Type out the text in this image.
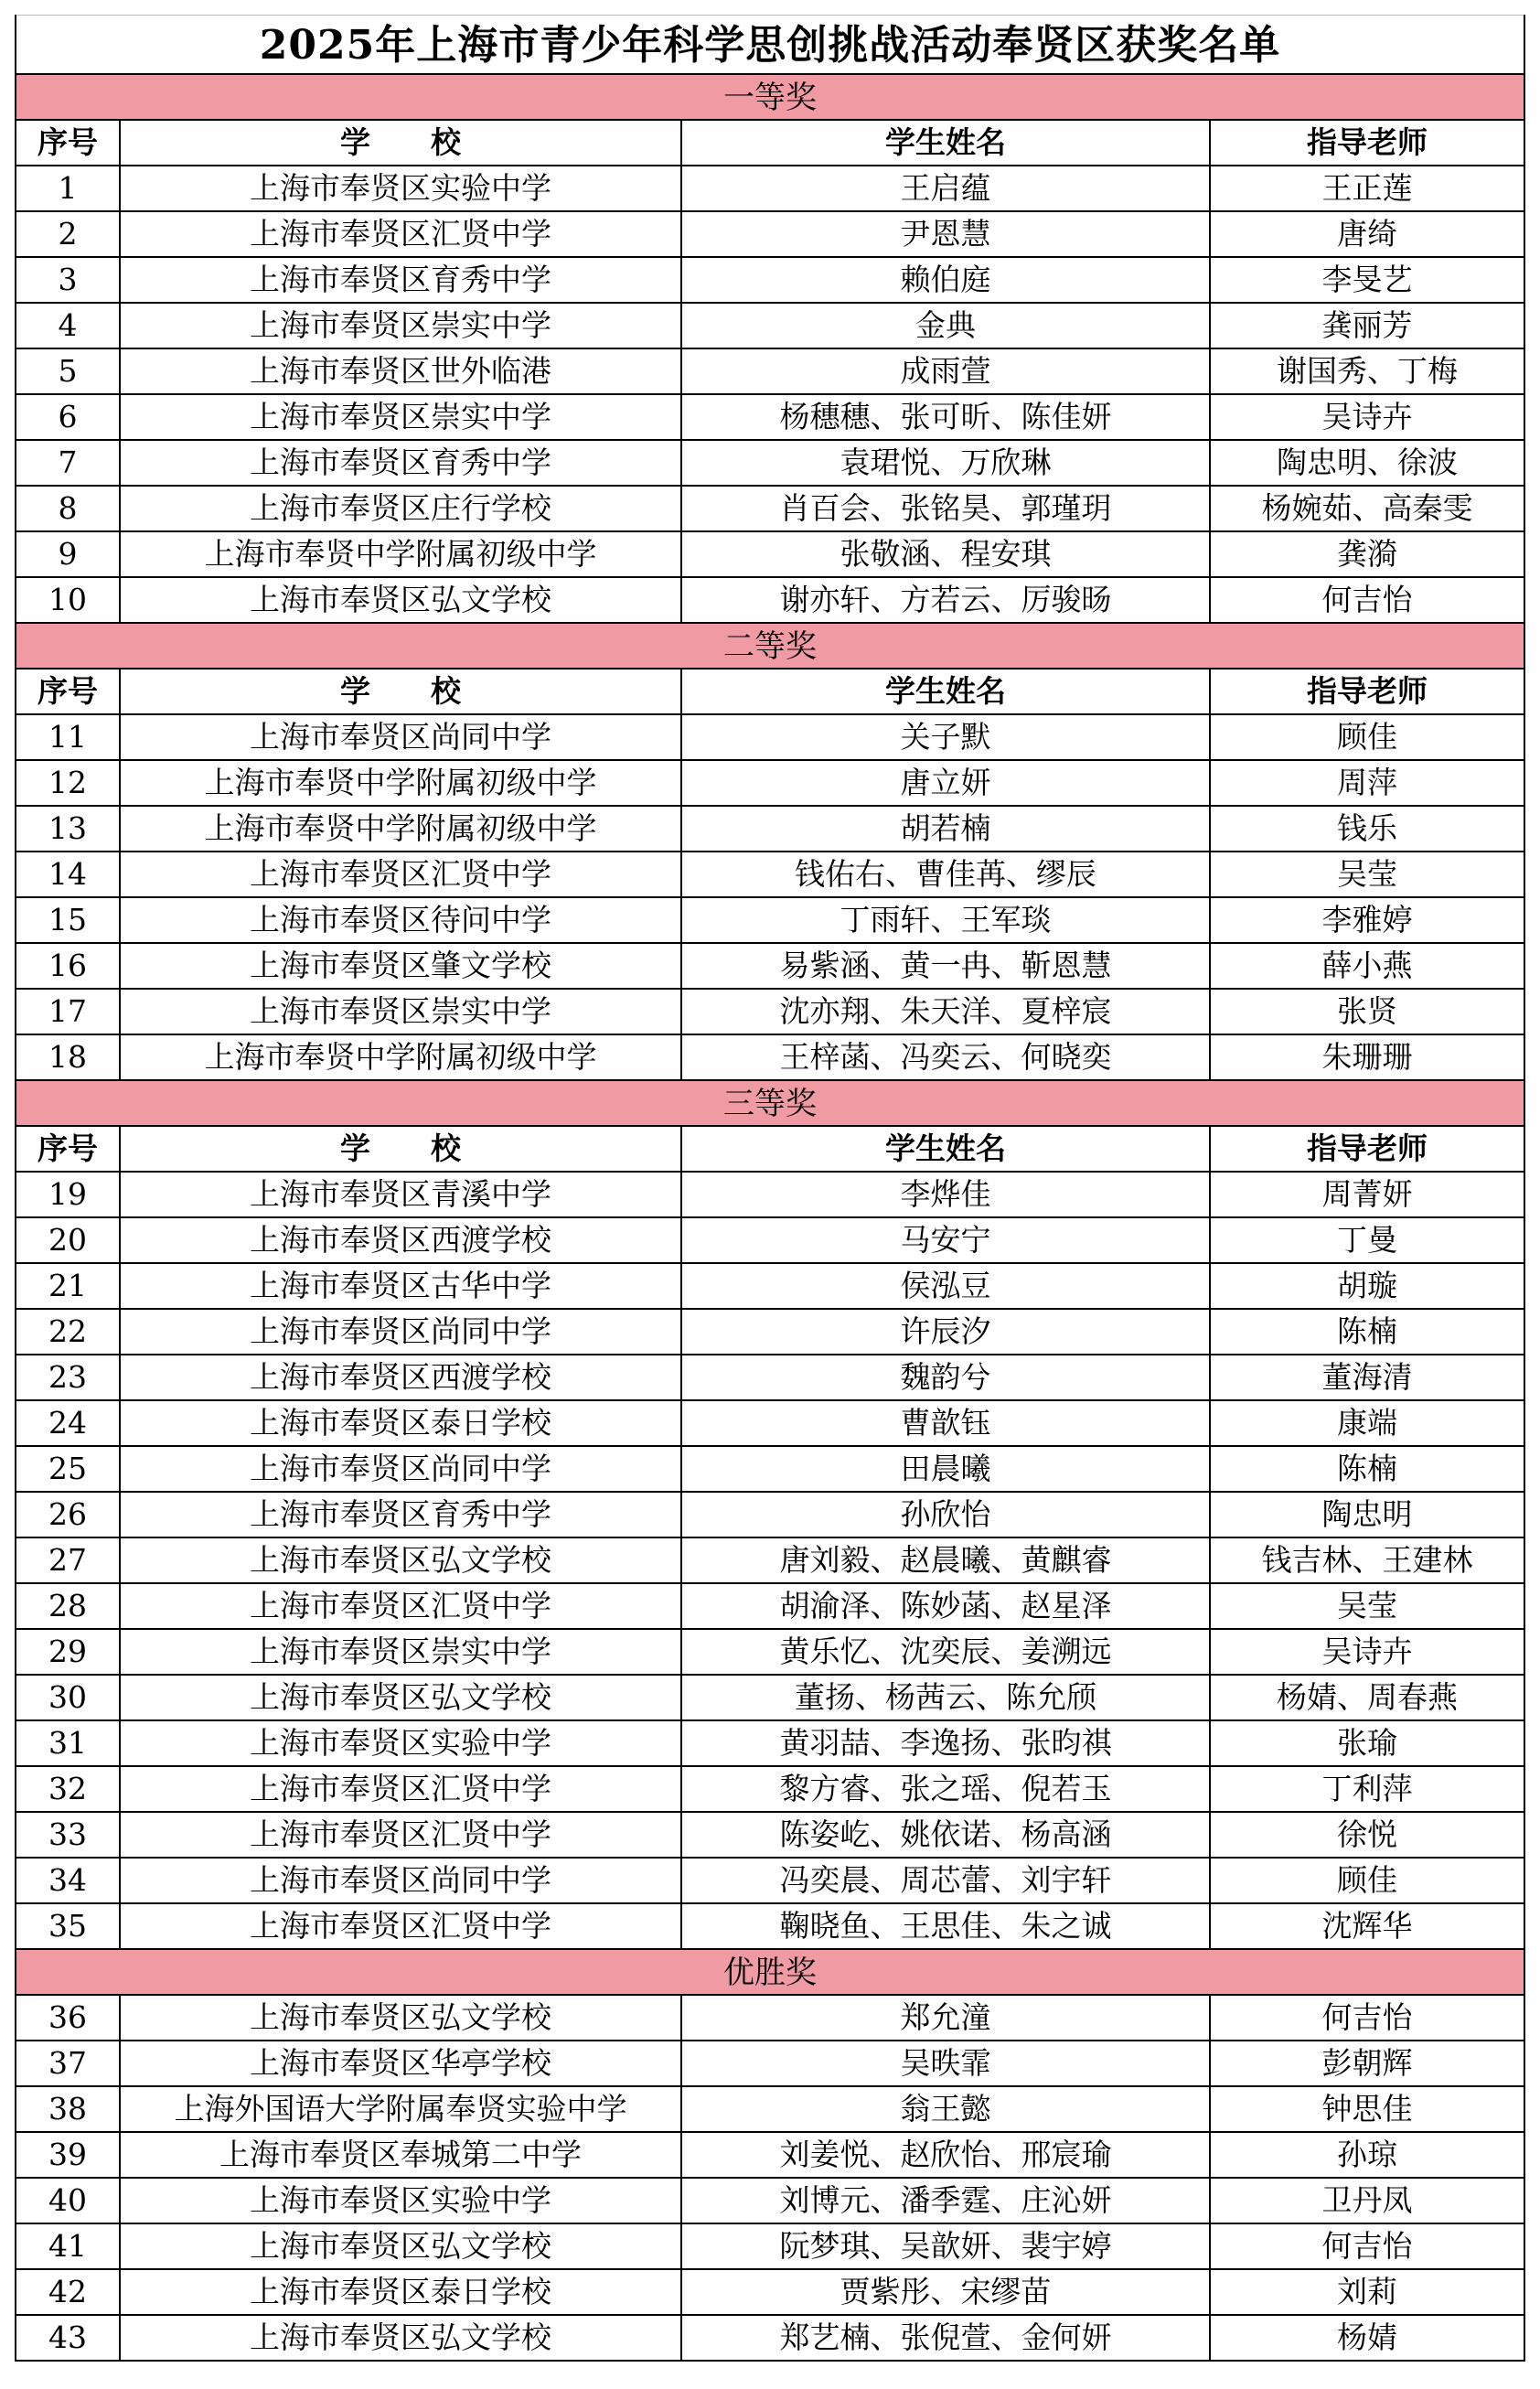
2025年上海市青少年科学思创挑战活动奉贤区获奖名单
一等奖
序号	学　　校	学生姓名	指导老师
1	上海市奉贤区实验中学	王启蕴	王正莲
2	上海市奉贤区汇贤中学	尹恩慧	唐绮
3	上海市奉贤区育秀中学	赖伯庭	李旻艺
4	上海市奉贤区崇实中学	金典	龚丽芳
5	上海市奉贤区世外临港	成雨萱	谢国秀、丁梅
6	上海市奉贤区崇实中学	杨穗穗、张可昕、陈佳妍	吴诗卉
7	上海市奉贤区育秀中学	袁珺悦、万欣琳	陶忠明、徐波
8	上海市奉贤区庄行学校	肖百会、张铭昊、郭瑾玥	杨婉茹、高秦雯
9	上海市奉贤中学附属初级中学	张敬涵、程安琪	龚漪
10	上海市奉贤区弘文学校	谢亦轩、方若云、厉骏旸	何吉怡
二等奖
序号	学　　校	学生姓名	指导老师
11	上海市奉贤区尚同中学	关子默	顾佳
12	上海市奉贤中学附属初级中学	唐立妍	周萍
13	上海市奉贤中学附属初级中学	胡若楠	钱乐
14	上海市奉贤区汇贤中学	钱佑右、曹佳苒、缪辰	吴莹
15	上海市奉贤区待问中学	丁雨轩、王军琰	李雅婷
16	上海市奉贤区肇文学校	易紫涵、黄一冉、靳恩慧	薛小燕
17	上海市奉贤区崇实中学	沈亦翔、朱天洋、夏梓宸	张贤
18	上海市奉贤中学附属初级中学	王梓菡、冯奕云、何晓奕	朱珊珊
三等奖
序号	学　　校	学生姓名	指导老师
19	上海市奉贤区青溪中学	李烨佳	周菁妍
20	上海市奉贤区西渡学校	马安宁	丁曼
21	上海市奉贤区古华中学	侯泓豆	胡璇
22	上海市奉贤区尚同中学	许辰汐	陈楠
23	上海市奉贤区西渡学校	魏韵兮	董海清
24	上海市奉贤区泰日学校	曹歆钰	康端
25	上海市奉贤区尚同中学	田晨曦	陈楠
26	上海市奉贤区育秀中学	孙欣怡	陶忠明
27	上海市奉贤区弘文学校	唐刘毅、赵晨曦、黄麒睿	钱吉林、王建林
28	上海市奉贤区汇贤中学	胡渝泽、陈妙菡、赵星泽	吴莹
29	上海市奉贤区崇实中学	黄乐忆、沈奕辰、姜溯远	吴诗卉
30	上海市奉贤区弘文学校	董扬、杨茜云、陈允颀	杨婧、周春燕
31	上海市奉贤区实验中学	黄羽喆、李逸扬、张昀祺	张瑜
32	上海市奉贤区汇贤中学	黎方睿、张之瑶、倪若玉	丁利萍
33	上海市奉贤区汇贤中学	陈姿屹、姚依诺、杨高涵	徐悦
34	上海市奉贤区尚同中学	冯奕晨、周芯蕾、刘宇轩	顾佳
35	上海市奉贤区汇贤中学	鞠晓鱼、王思佳、朱之诚	沈辉华
优胜奖
36	上海市奉贤区弘文学校	郑允潼	何吉怡
37	上海市奉贤区华亭学校	吴昳霏	彭朝辉
38	上海外国语大学附属奉贤实验中学	翁王懿	钟思佳
39	上海市奉贤区奉城第二中学	刘姜悦、赵欣怡、邢宸瑜	孙琼
40	上海市奉贤区实验中学	刘博元、潘季霆、庄沁妍	卫丹凤
41	上海市奉贤区弘文学校	阮梦琪、吴歆妍、裴宇婷	何吉怡
42	上海市奉贤区泰日学校	贾紫彤、宋缪苗	刘莉
43	上海市奉贤区弘文学校	郑艺楠、张倪萱、金何妍	杨婧
